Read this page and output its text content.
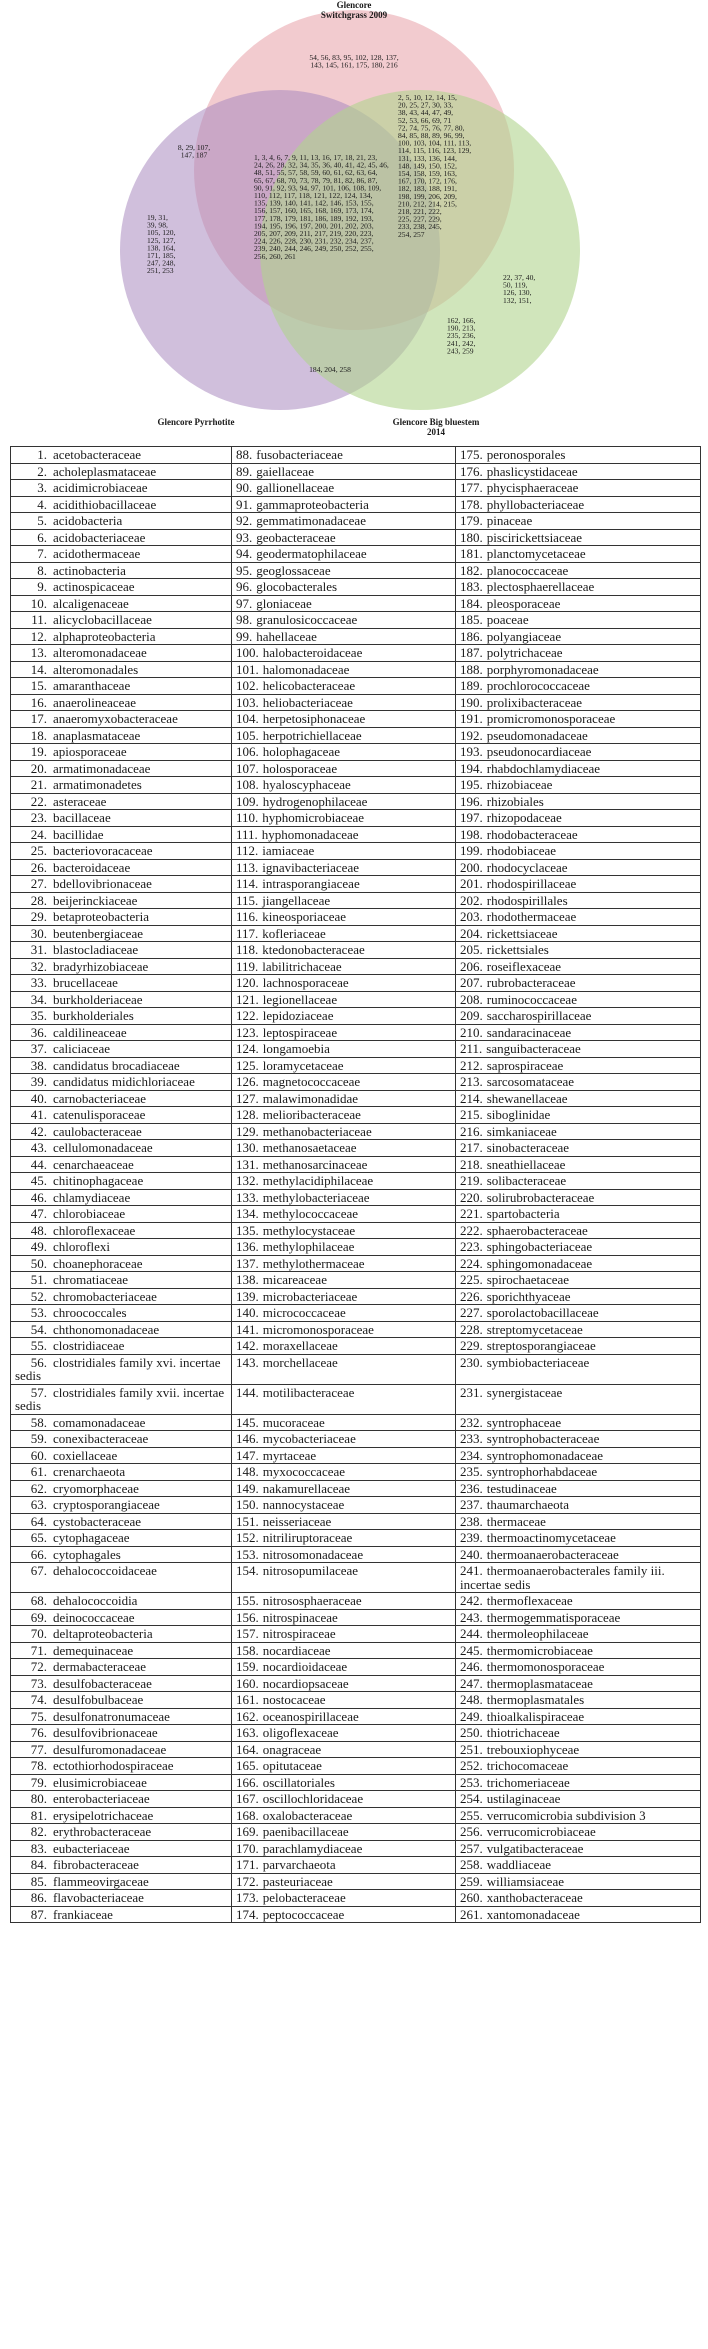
Glencore
Switchgrass 2009
Glencore Pyrrhotite	Glencore Big bluestem
2014
54, 56, 83, 95, 102, 128, 137,
143, 145, 161, 175, 180, 216
8, 29, 107,
147, 187
2, 5, 10, 12, 14, 15,
20, 25, 27, 30, 33,
38, 43, 44, 47, 49,
52, 53, 66, 69, 71
72, 74, 75, 76, 77, 80,
84, 85, 88, 89, 96, 99,
100, 103, 104, 111, 113,
114, 115, 116, 123, 129,
131, 133, 136, 144,
148, 149, 150, 152,
154, 158, 159, 163,
167, 170, 172, 176,
182, 183, 188, 191,
198, 199, 206, 209,
210, 212, 214, 215,
218, 221, 222,
225, 227, 229,
233, 238, 245,
254, 257
1, 3, 4, 6, 7, 9, 11, 13, 16, 17, 18, 21, 23,
24, 26, 28, 32, 34, 35, 36, 40, 41, 42, 45, 46,
48, 51, 55, 57, 58, 59, 60, 61, 62, 63, 64,
65, 67, 68, 70, 73, 78, 79, 81, 82, 86, 87,
90, 91, 92, 93, 94, 97, 101, 106, 108, 109,
110, 112, 117, 118, 121, 122, 124, 134,
135, 139, 140, 141, 142, 146, 153, 155,
156, 157, 160, 165, 168, 169, 173, 174,
177, 178, 179, 181, 186, 189, 192, 193,
194, 195, 196, 197, 200, 201, 202, 203,
205, 207, 209, 211, 217, 219, 220, 223,
224, 226, 228, 230, 231, 232, 234, 237,
239, 240, 244, 246, 249, 250, 252, 255,
256, 260, 261
19, 31,
39, 98,
105, 120,
125, 127,
138, 164,
171, 185,
247, 248,
251, 253
22, 37, 40,
50, 119,
126, 130,
132, 151,
162, 166,
190, 213,
235, 236,
241, 242,
243, 259
184, 204, 258
1. acetobacteraceae	88. fusobacteriaceae	175. peronosporales
2. acholeplasmataceae	89. gaiellaceae	176. phaslicystidaceae
3. acidimicrobiaceae	90. gallionellaceae	177. phycisphaeraceae
4. acidithiobacillaceae	91. gammaproteobacteria	178. phyllobacteriaceae
5. acidobacteria	92. gemmatimonadaceae	179. pinaceae
6. acidobacteriaceae	93. geobacteraceae	180. piscirickettsiaceae
7. acidothermaceae	94. geodermatophilaceae	181. planctomycetaceae
8. actinobacteria	95. geoglossaceae	182. planococcaceae
9. actinospicaceae	96. glocobacterales	183. plectosphaerellaceae
10. alcaligenaceae	97. gloniaceae	184. pleosporaceae
11. alicyclobacillaceae	98. granulosicoccaceae	185. poaceae
12. alphaproteobacteria	99. hahellaceae	186. polyangiaceae
13. alteromonadaceae	100. halobacteroidaceae	187. polytrichaceae
14. alteromonadales	101. halomonadaceae	188. porphyromonadaceae
15. amaranthaceae	102. helicobacteraceae	189. prochlorococcaceae
16. anaerolineaceae	103. heliobacteriaceae	190. prolixibacteraceae
17. anaeromyxobacteraceae	104. herpetosiphonaceae	191. promicromonosporaceae
18. anaplasmataceae	105. herpotrichiellaceae	192. pseudomonadaceae
19. apiosporaceae	106. holophagaceae	193. pseudonocardiaceae
20. armatimonadaceae	107. holosporaceae	194. rhabdochlamydiaceae
21. armatimonadetes	108. hyaloscyphaceae	195. rhizobiaceae
22. asteraceae	109. hydrogenophilaceae	196. rhizobiales
23. bacillaceae	110. hyphomicrobiaceae	197. rhizopodaceae
24. bacillidae	111. hyphomonadaceae	198. rhodobacteraceae
25. bacteriovoracaceae	112. iamiaceae	199. rhodobiaceae
26. bacteroidaceae	113. ignavibacteriaceae	200. rhodocyclaceae
27. bdellovibrionaceae	114. intrasporangiaceae	201. rhodospirillaceae
28. beijerinckiaceae	115. jiangellaceae	202. rhodospirillales
29. betaproteobacteria	116. kineosporiaceae	203. rhodothermaceae
30. beutenbergiaceae	117. kofleriaceae	204. rickettsiaceae
31. blastocladiaceae	118. ktedonobacteraceae	205. rickettsiales
32. bradyrhizobiaceae	119. labilitrichaceae	206. roseiflexaceae
33. brucellaceae	120. lachnosporaceae	207. rubrobacteraceae
34. burkholderiaceae	121. legionellaceae	208. ruminococcaceae
35. burkholderiales	122. lepidoziaceae	209. saccharospirillaceae
36. caldilineaceae	123. leptospiraceae	210. sandaracinaceae
37. caliciaceae	124. longamoebia	211. sanguibacteraceae
38. candidatus brocadiaceae	125. loramycetaceae	212. saprospiraceae
39. candidatus midichloriaceae	126. magnetococcaceae	213. sarcosomataceae
40. carnobacteriaceae	127. malawimonadidae	214. shewanellaceae
41. catenulisporaceae	128. melioribacteraceae	215. siboglinidae
42. caulobacteraceae	129. methanobacteriaceae	216. simkaniaceae
43. cellulomonadaceae	130. methanosaetaceae	217. sinobacteraceae
44. cenarchaeaceae	131. methanosarcinaceae	218. sneathiellaceae
45. chitinophagaceae	132. methylacidiphilaceae	219. solibacteraceae
46. chlamydiaceae	133. methylobacteriaceae	220. solirubrobacteraceae
47. chlorobiaceae	134. methylococcaceae	221. spartobacteria
48. chloroflexaceae	135. methylocystaceae	222. sphaerobacteraceae
49. chloroflexi	136. methylophilaceae	223. sphingobacteriaceae
50. choanephoraceae	137. methylothermaceae	224. sphingomonadaceae
51. chromatiaceae	138. micareaceae	225. spirochaetaceae
52. chromobacteriaceae	139. microbacteriaceae	226. sporichthyaceae
53. chroococcales	140. micrococcaceae	227. sporolactobacillaceae
54. chthonomonadaceae	141. micromonosporaceae	228. streptomycetaceae
55. clostridiaceae	142. moraxellaceae	229. streptosporangiaceae
56. clostridiales family xvi. incertae sedis	143. morchellaceae	230. symbiobacteriaceae
57. clostridiales family xvii. incertae sedis	144. motilibacteraceae	231. synergistaceae
58. comamonadaceae	145. mucoraceae	232. syntrophaceae
59. conexibacteraceae	146. mycobacteriaceae	233. syntrophobacteraceae
60. coxiellaceae	147. myrtaceae	234. syntrophomonadaceae
61. crenarchaeota	148. myxococcaceae	235. syntrophorhabdaceae
62. cryomorphaceae	149. nakamurellaceae	236. testudinaceae
63. cryptosporangiaceae	150. nannocystaceae	237. thaumarchaeota
64. cystobacteraceae	151. neisseriaceae	238. thermaceae
65. cytophagaceae	152. nitriliruptoraceae	239. thermoactinomycetaceae
66. cytophagales	153. nitrosomonadaceae	240. thermoanaerobacteraceae
67. dehalococcoidaceae	154. nitrosopumilaceae	241. thermoanaerobacterales family iii. incertae sedis
68. dehalococcoidia	155. nitrososphaeraceae	242. thermoflexaceae
69. deinococcaceae	156. nitrospinaceae	243. thermogemmatisporaceae
70. deltaproteobacteria	157. nitrospiraceae	244. thermoleophilaceae
71. demequinaceae	158. nocardiaceae	245. thermomicrobiaceae
72. dermabacteraceae	159. nocardioidaceae	246. thermomonosporaceae
73. desulfobacteraceae	160. nocardiopsaceae	247. thermoplasmataceae
74. desulfobulbaceae	161. nostocaceae	248. thermoplasmatales
75. desulfonatronumaceae	162. oceanospirillaceae	249. thioalkalispiraceae
76. desulfovibrionaceae	163. oligoflexaceae	250. thiotrichaceae
77. desulfuromonadaceae	164. onagraceae	251. trebouxiophyceae
78. ectothiorhodospiraceae	165. opitutaceae	252. trichocomaceae
79. elusimicrobiaceae	166. oscillatoriales	253. trichomeriaceae
80. enterobacteriaceae	167. oscillochloridaceae	254. ustilaginaceae
81. erysipelotrichaceae	168. oxalobacteraceae	255. verrucomicrobia subdivision 3
82. erythrobacteraceae	169. paenibacillaceae	256. verrucomicrobiaceae
83. eubacteriaceae	170. parachlamydiaceae	257. vulgatibacteraceae
84. fibrobacteraceae	171. parvarchaeota	258. waddliaceae
85. flammeovirgaceae	172. pasteuriaceae	259. williamsiaceae
86. flavobacteriaceae	173. pelobacteraceae	260. xanthobacteraceae
87. frankiaceae	174. peptococcaceae	261. xantomonadaceae
